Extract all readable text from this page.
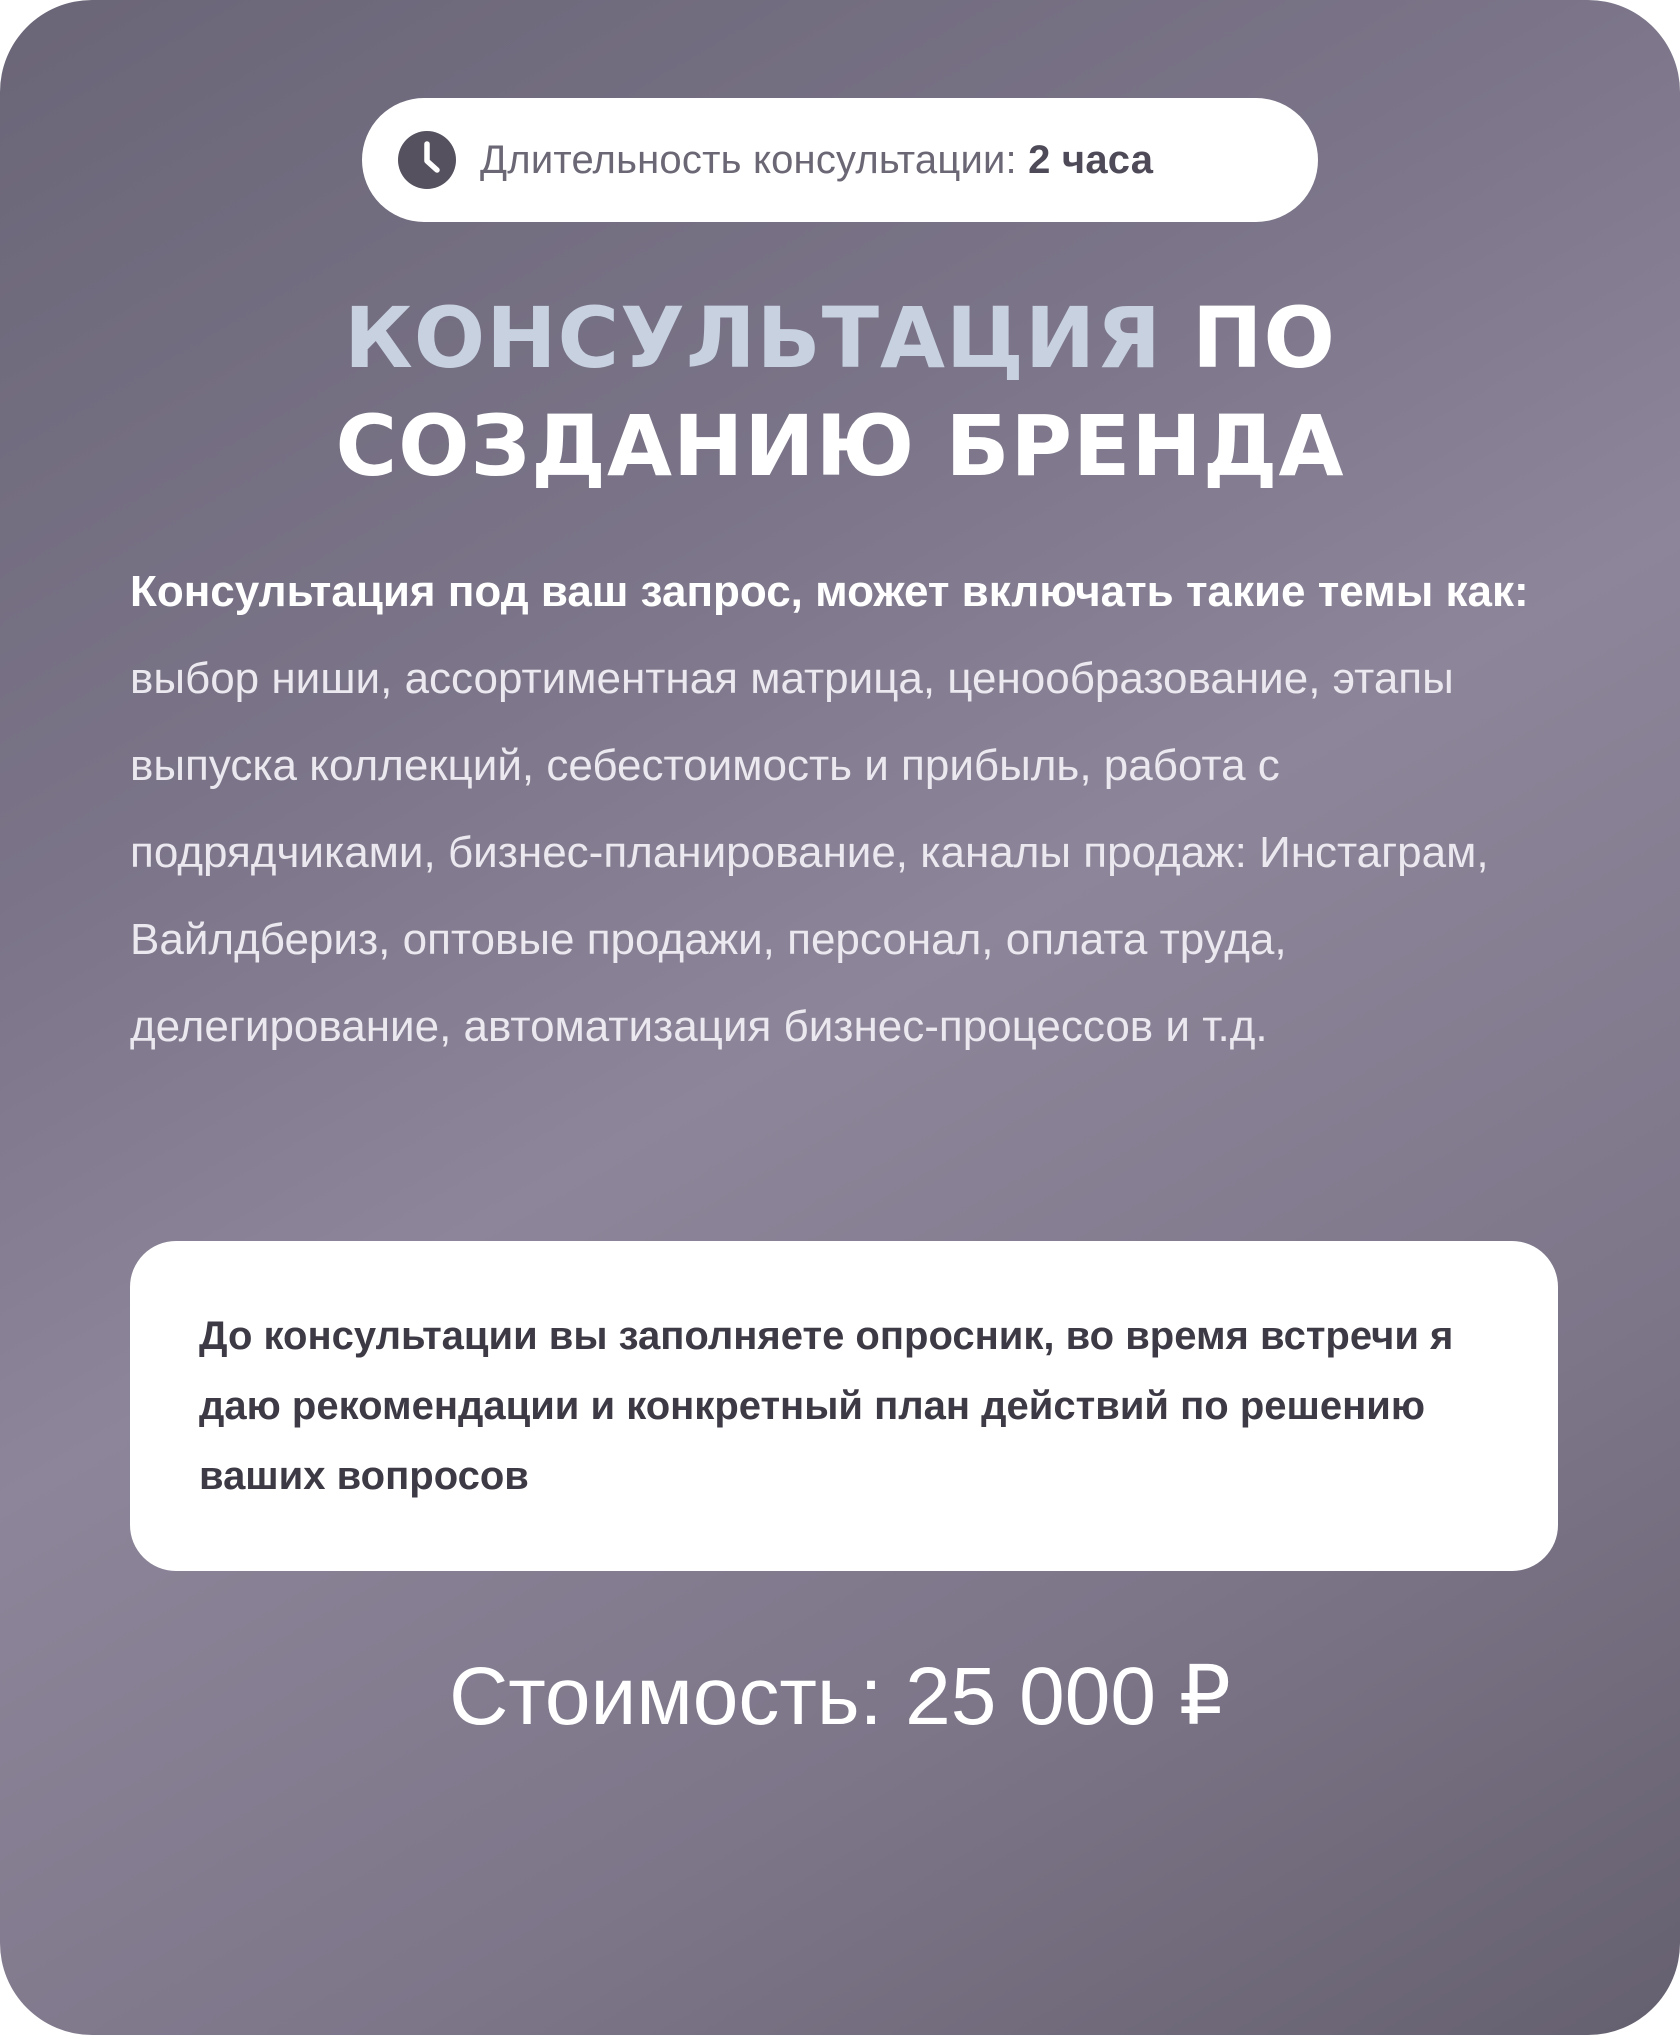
Длительность консультации: 2 часа
КОНСУЛЬТАЦИЯ ПО
СОЗДАНИЮ БРЕНДА

Консультация под ваш запрос, может включать такие темы как: выбор ниши, ассортиментная матрица, ценообразование, этапы выпуска коллекций, себестоимость и прибыль, работа с подрядчиками, бизнес-планирование, каналы продаж: Инстаграм, Вайлдбериз, оптовые продажи, персонал, оплата труда, делегирование, автоматизация бизнес-процессов и т.д.

До консультации вы заполняете опросник, во время встречи я даю рекомендации и конкретный план действий по решению ваших вопросов

Стоимость: 25 000 ₽
